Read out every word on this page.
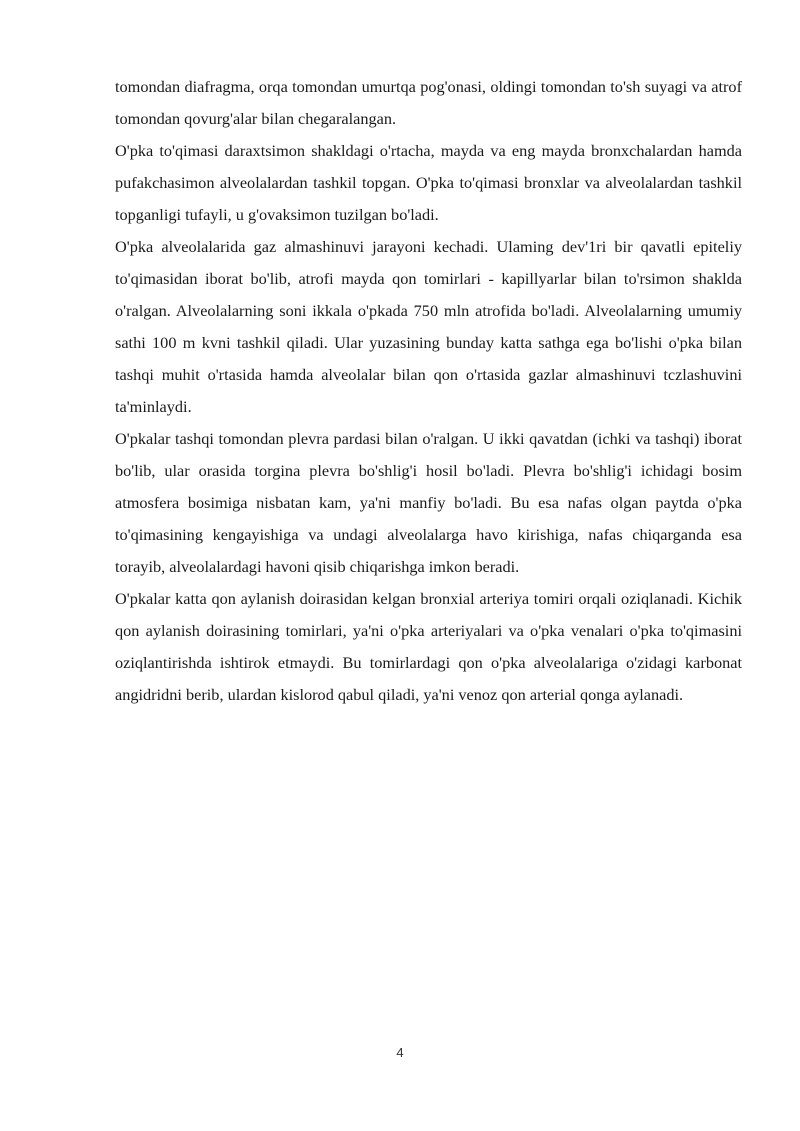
tomondan diafragma, orqa tomondan umurtqa pog'onasi, oldingi tomondan to'sh suyagi va atrof tomondan qovurg'alar bilan chegaralangan.

O'pka to'qimasi daraxtsimon shakldagi o'rtacha, mayda va eng mayda bronxchalardan hamda pufakchasimon alveolalardan tashkil topgan. O'pka to'qimasi bronxlar va alveolalardan tashkil topganligi tufayli, u g'ovaksimon tuzilgan bo'ladi.

O'pka alveolalarida gaz almashinuvi jarayoni kechadi. Ulaming dev'1ri bir qavatli epiteliy to'qimasidan iborat bo'lib, atrofi mayda qon tomirlari - kapillyarlar bilan to'rsimon shaklda o'ralgan. Alveolalarning soni ikkala o'pkada 750 mln atrofida bo'ladi. Alveolalarning umumiy sathi 100 m kvni tashkil qiladi. Ular yuzasining bunday katta sathga ega bo'lishi o'pka bilan tashqi muhit o'rtasida hamda alveolalar bilan qon o'rtasida gazlar almashinuvi tczlashuvini ta'minlaydi.

O'pkalar tashqi tomondan plevra pardasi bilan o'ralgan. U ikki qavatdan (ichki va tashqi) iborat bo'lib, ular orasida torgina plevra bo'shlig'i hosil bo'ladi. Plevra bo'shlig'i ichidagi bosim atmosfera bosimiga nisbatan kam, ya'ni manfiy bo'ladi. Bu esa nafas olgan paytda o'pka to'qimasining kengayishiga va undagi alveolalarga havo kirishiga, nafas chiqarganda esa torayib, alveolalardagi havoni qisib chiqarishga imkon beradi.

O'pkalar katta qon aylanish doirasidan kelgan bronxial arteriya tomiri orqali oziqlanadi. Kichik qon aylanish doirasining tomirlari, ya'ni o'pka arteriyalari va o'pka venalari o'pka to'qimasini oziqlantirishda ishtirok etmaydi. Bu tomirlardagi qon o'pka alveolalariga o'zidagi karbonat angidridni berib, ulardan kislorod qabul qiladi, ya'ni venoz qon arterial qonga aylanadi.

4
